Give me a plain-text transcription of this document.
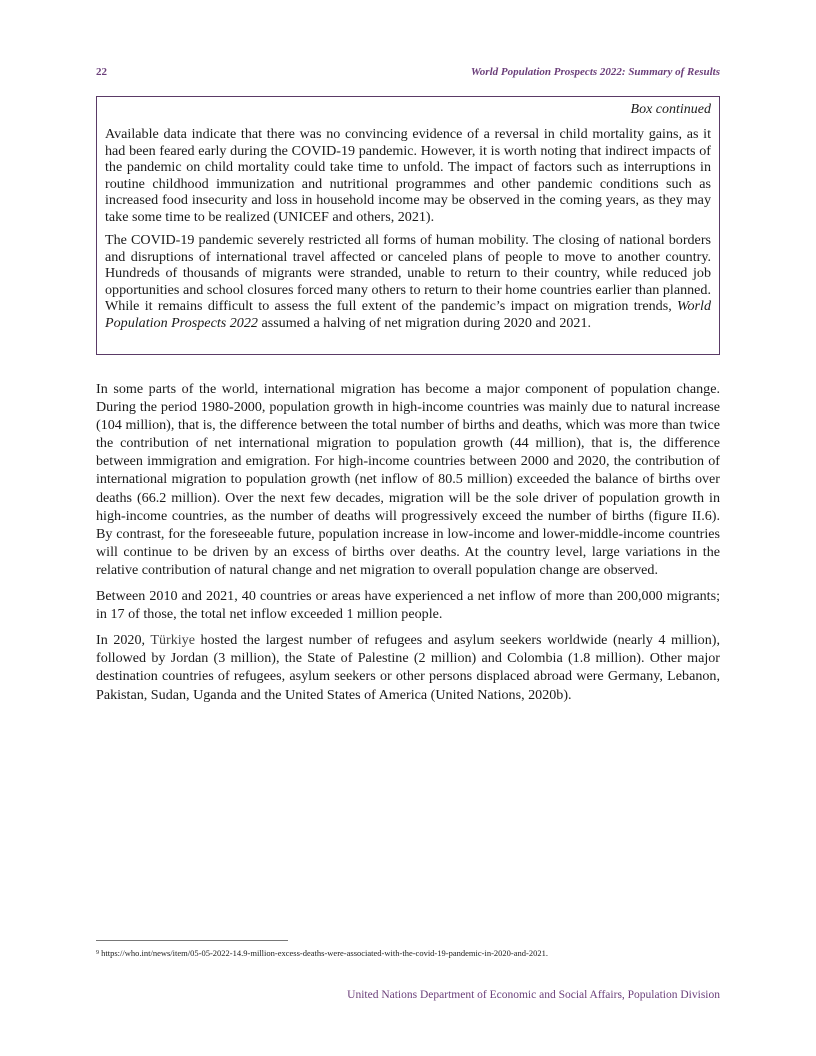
22	World Population Prospects 2022: Summary of Results
Box continued

Available data indicate that there was no convincing evidence of a reversal in child mortality gains, as it had been feared early during the COVID-19 pandemic. However, it is worth noting that indirect impacts of the pandemic on child mortality could take time to unfold. The impact of factors such as interruptions in routine childhood immunization and nutritional programmes and other pandemic conditions such as increased food insecurity and loss in household income may be observed in the coming years, as they may take some time to be realized (UNICEF and others, 2021).

The COVID-19 pandemic severely restricted all forms of human mobility. The closing of national borders and disruptions of international travel affected or canceled plans of people to move to another country. Hundreds of thousands of migrants were stranded, unable to return to their country, while reduced job opportunities and school closures forced many others to return to their home countries earlier than planned. While it remains difficult to assess the full extent of the pandemic’s impact on migration trends, World Population Prospects 2022 assumed a halving of net migration during 2020 and 2021.

In some parts of the world, international migration has become a major component of population change. During the period 1980-2000, population growth in high-income countries was mainly due to natural increase (104 million), that is, the difference between the total number of births and deaths, which was more than twice the contribution of net international migration to population growth (44 million), that is, the difference between immigration and emigration. For high-income countries between 2000 and 2020, the contribution of international migration to population growth (net inflow of 80.5 million) exceeded the balance of births over deaths (66.2 million). Over the next few decades, migration will be the sole driver of population growth in high-income countries, as the number of deaths will progressively exceed the number of births (figure II.6). By contrast, for the foreseeable future, population increase in low-income and lower-middle-income countries will continue to be driven by an excess of births over deaths. At the country level, large variations in the relative contribution of natural change and net migration to overall population change are observed.

Between 2010 and 2021, 40 countries or areas have experienced a net inflow of more than 200,000 migrants; in 17 of those, the total net inflow exceeded 1 million people.

In 2020, Türkiye hosted the largest number of refugees and asylum seekers worldwide (nearly 4 million), followed by Jordan (3 million), the State of Palestine (2 million) and Colombia (1.8 million). Other major destination countries of refugees, asylum seekers or other persons displaced abroad were Germany, Lebanon, Pakistan, Sudan, Uganda and the United States of America (United Nations, 2020b).

$^9$ https://who.int/news/item/05-05-2022-14.9-million-excess-deaths-were-associated-with-the-covid-19-pandemic-in-2020-and-2021.
United Nations Department of Economic and Social Affairs, Population Division
